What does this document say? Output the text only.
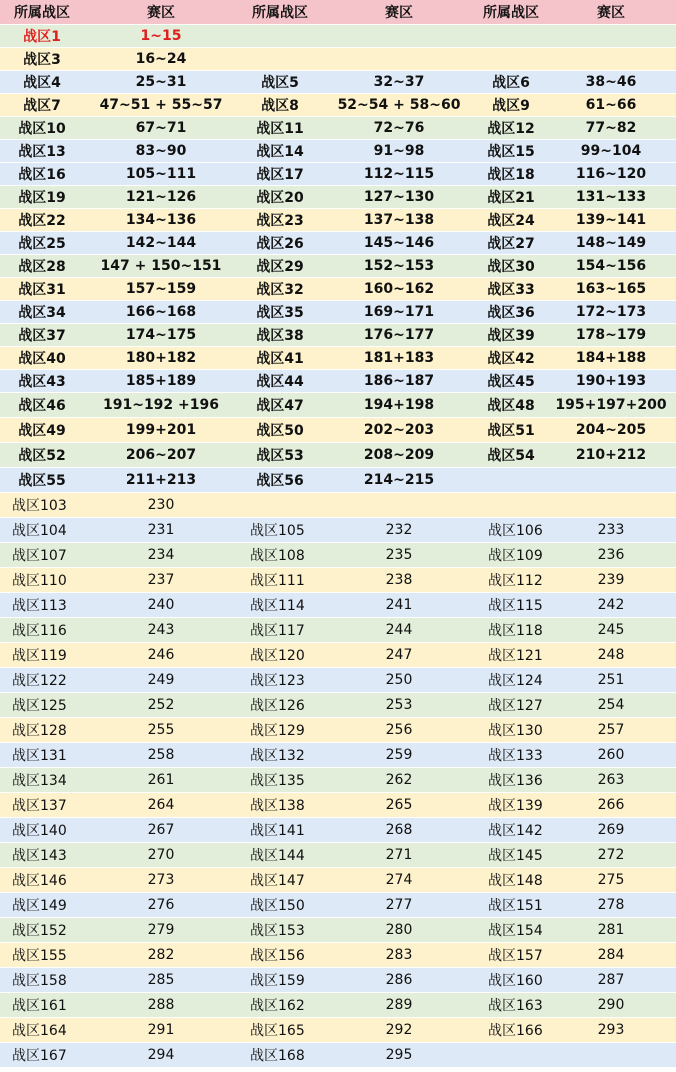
所属战区	赛区	所属战区	赛区	所属战区	赛区
战区1	1~15				
战区3	16~24				
战区4	25~31	战区5	32~37	战区6	38~46
战区7	47~51 + 55~57	战区8	52~54 + 58~60	战区9	61~66
战区10	67~71	战区11	72~76	战区12	77~82
战区13	83~90	战区14	91~98	战区15	99~104
战区16	105~111	战区17	112~115	战区18	116~120
战区19	121~126	战区20	127~130	战区21	131~133
战区22	134~136	战区23	137~138	战区24	139~141
战区25	142~144	战区26	145~146	战区27	148~149
战区28	147 + 150~151	战区29	152~153	战区30	154~156
战区31	157~159	战区32	160~162	战区33	163~165
战区34	166~168	战区35	169~171	战区36	172~173
战区37	174~175	战区38	176~177	战区39	178~179
战区40	180+182	战区41	181+183	战区42	184+188
战区43	185+189	战区44	186~187	战区45	190+193
战区46	191~192 +196	战区47	194+198	战区48	195+197+200
战区49	199+201	战区50	202~203	战区51	204~205
战区52	206~207	战区53	208~209	战区54	210+212
战区55	211+213	战区56	214~215		
战区103	230				
战区104	231	战区105	232	战区106	233
战区107	234	战区108	235	战区109	236
战区110	237	战区111	238	战区112	239
战区113	240	战区114	241	战区115	242
战区116	243	战区117	244	战区118	245
战区119	246	战区120	247	战区121	248
战区122	249	战区123	250	战区124	251
战区125	252	战区126	253	战区127	254
战区128	255	战区129	256	战区130	257
战区131	258	战区132	259	战区133	260
战区134	261	战区135	262	战区136	263
战区137	264	战区138	265	战区139	266
战区140	267	战区141	268	战区142	269
战区143	270	战区144	271	战区145	272
战区146	273	战区147	274	战区148	275
战区149	276	战区150	277	战区151	278
战区152	279	战区153	280	战区154	281
战区155	282	战区156	283	战区157	284
战区158	285	战区159	286	战区160	287
战区161	288	战区162	289	战区163	290
战区164	291	战区165	292	战区166	293
战区167	294	战区168	295		
